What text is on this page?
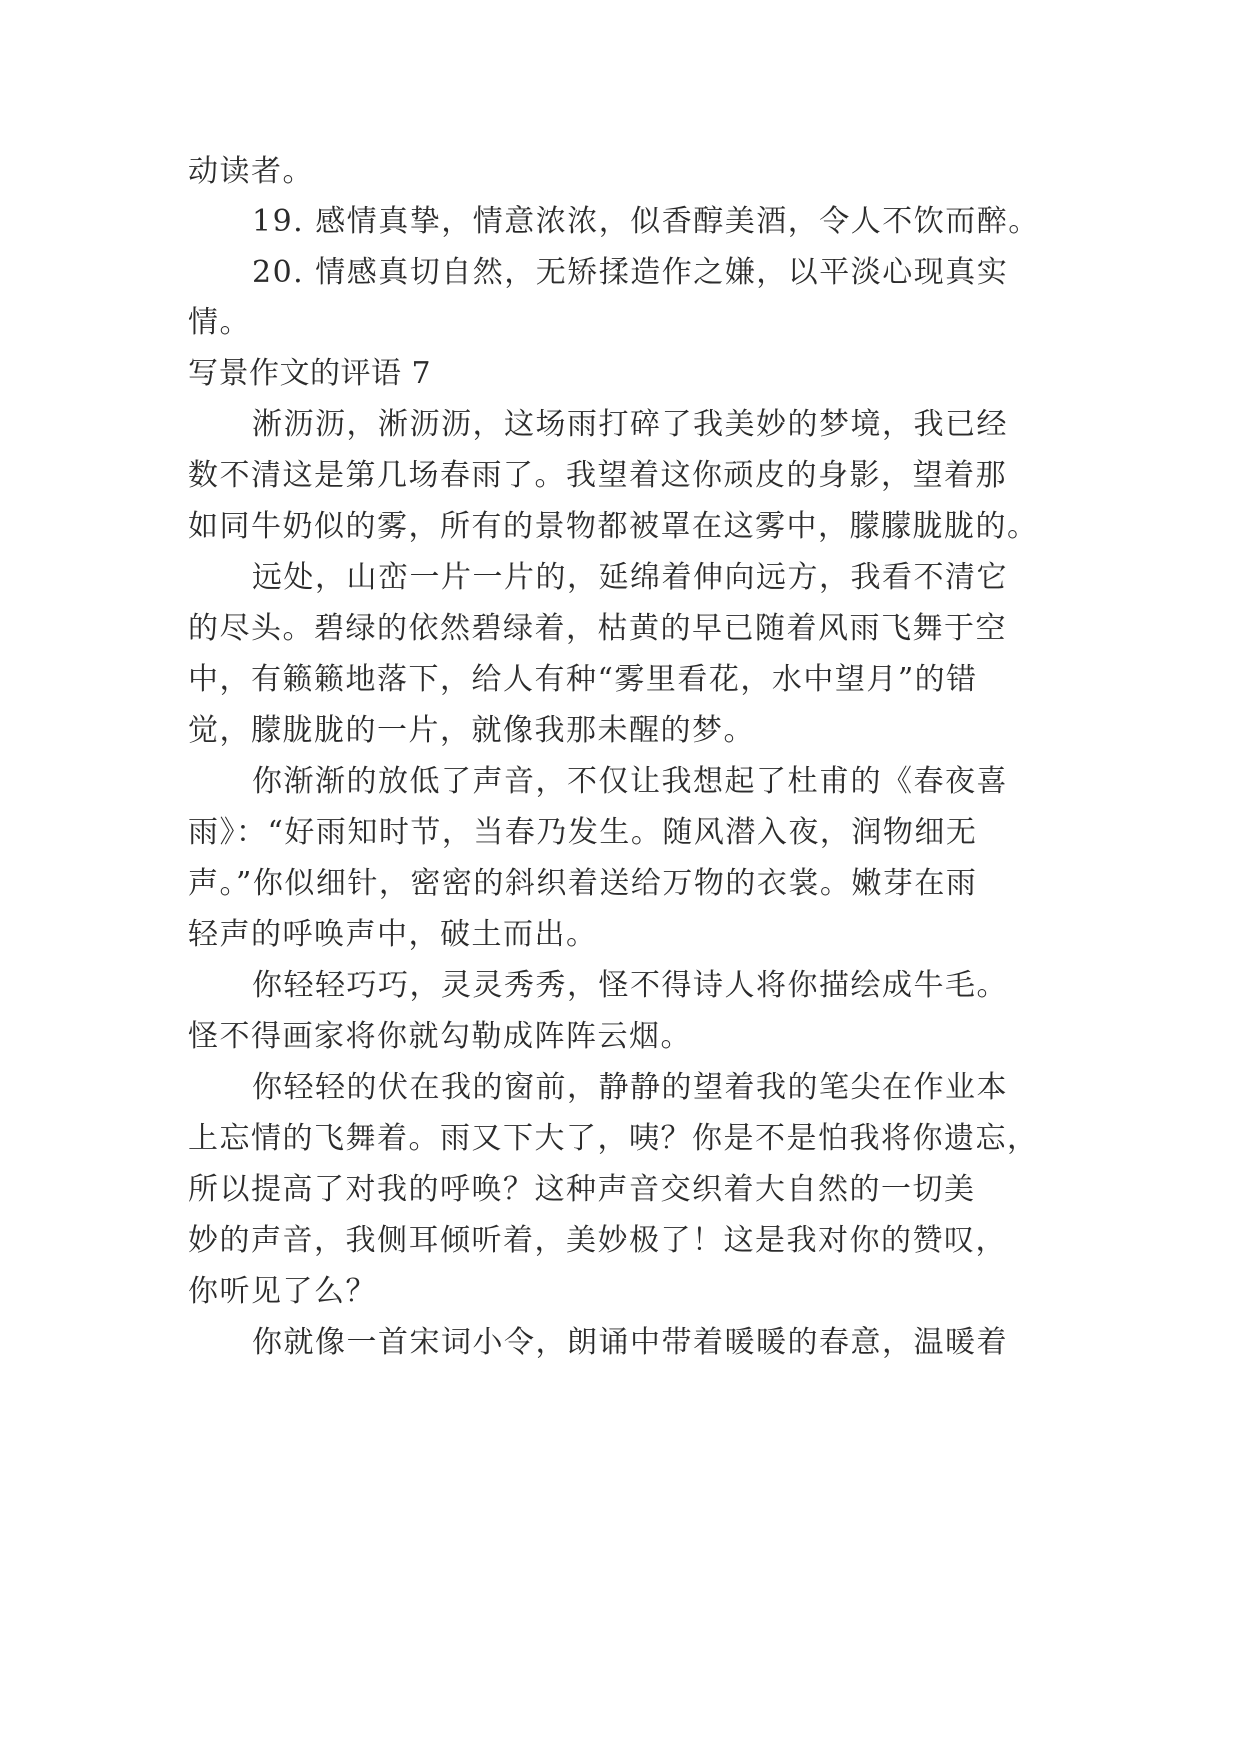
动读者。
19. 感情真挚，情意浓浓，似香醇美酒，令人不饮而醉。
20. 情感真切自然，无矫揉造作之嫌，以平淡心现真实
情。
写景作文的评语 7
淅沥沥，淅沥沥，这场雨打碎了我美妙的梦境，我已经
数不清这是第几场春雨了。我望着这你顽皮的身影，望着那
如同牛奶似的雾，所有的景物都被罩在这雾中，朦朦胧胧的。
远处，山峦一片一片的，延绵着伸向远方，我看不清它
的尽头。碧绿的依然碧绿着，枯黄的早已随着风雨飞舞于空
中，有籁籁地落下，给人有种“雾里看花，水中望月”的错
觉，朦胧胧的一片，就像我那未醒的梦。
你渐渐的放低了声音，不仅让我想起了杜甫的《春夜喜
雨》：“好雨知时节，当春乃发生。随风潜入夜，润物细无
声。”你似细针，密密的斜织着送给万物的衣裳。嫩芽在雨
轻声的呼唤声中，破土而出。
你轻轻巧巧，灵灵秀秀，怪不得诗人将你描绘成牛毛。
怪不得画家将你就勾勒成阵阵云烟。
你轻轻的伏在我的窗前，静静的望着我的笔尖在作业本
上忘情的飞舞着。雨又下大了，咦？你是不是怕我将你遗忘，
所以提高了对我的呼唤？这种声音交织着大自然的一切美
妙的声音，我侧耳倾听着，美妙极了！这是我对你的赞叹，
你听见了么？
你就像一首宋词小令，朗诵中带着暖暖的春意，温暖着
